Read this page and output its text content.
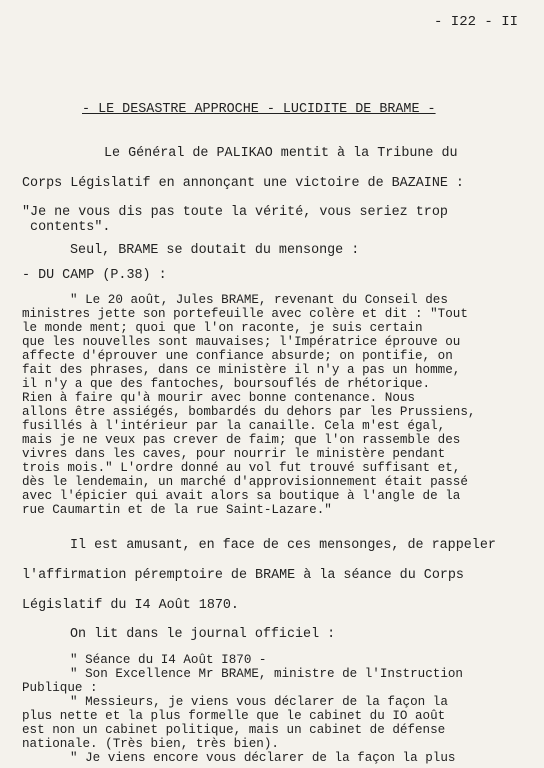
- I22 - II
- LE DESASTRE APPROCHE - LUCIDITE DE BRAME -
Le Général de PALIKAO mentit à la Tribune du
Corps Législatif en annonçant une victoire de BAZAINE :
"Je ne vous dis pas toute la vérité, vous seriez trop
contents".
Seul, BRAME se doutait du mensonge :
- DU CAMP (P.38) :
" Le 20 août, Jules BRAME, revenant du Conseil des
ministres jette son portefeuille avec colère et dit : "Tout
le monde ment; quoi que l'on raconte, je suis certain
que les nouvelles sont mauvaises; l'Impératrice éprouve ou
affecte d'éprouver une confiance absurde; on pontifie, on
fait des phrases, dans ce ministère il n'y a pas un homme,
il n'y a que des fantoches, boursouflés de rhétorique.
Rien à faire qu'à mourir avec bonne contenance. Nous
allons être assiégés, bombardés du dehors par les Prussiens,
fusillés à l'intérieur par la canaille. Cela m'est égal,
mais je ne veux pas crever de faim; que l'on rassemble des
vivres dans les caves, pour nourrir le ministère pendant
trois mois." L'ordre donné au vol fut trouvé suffisant et,
dès le lendemain, un marché d'approvisionnement était passé
avec l'épicier qui avait alors sa boutique à l'angle de la
rue Caumartin et de la rue Saint-Lazare."
Il est amusant, en face de ces mensonges, de rappeler
l'affirmation péremptoire de BRAME à la séance du Corps
Législatif du I4 Août 1870.
On lit dans le journal officiel :
" Séance du I4 Août I870 -
" Son Excellence Mr BRAME, ministre de l'Instruction
Publique :
" Messieurs, je viens vous déclarer de la façon la
plus nette et la plus formelle que le cabinet du IO août
est non un cabinet politique, mais un cabinet de défense
nationale. (Très bien, très bien).
" Je viens encore vous déclarer de la façon la plus
